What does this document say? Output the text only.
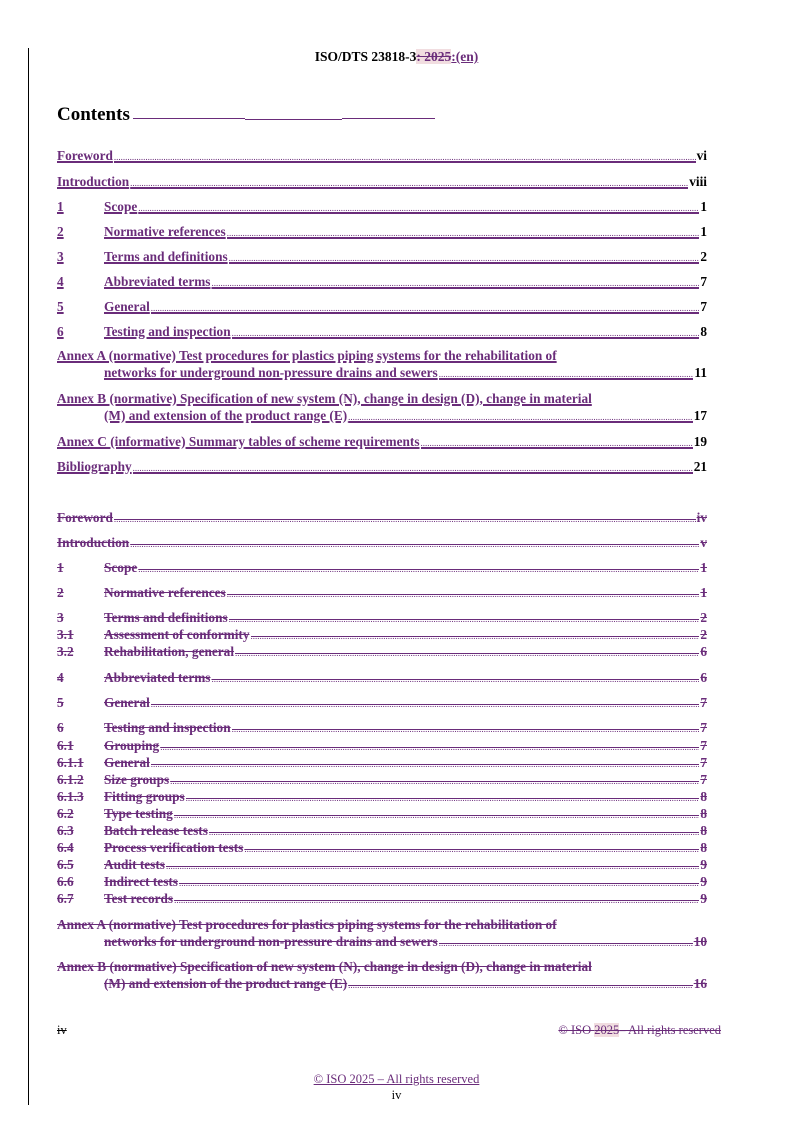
ISO/DTS 23818-3: 2025:(en)
Contents
Foreword .....	vi
Introduction .....	viii
1	Scope .....	1
2	Normative references .....	1
3	Terms and definitions .....	2
4	Abbreviated terms .....	7
5	General .....	7
6	Testing and inspection .....	8
Annex A (normative) Test procedures for plastics piping systems for the rehabilitation of
networks for underground non-pressure drains and sewers .....	11
Annex B (normative) Specification of new system (N), change in design (D), change in material
(M) and extension of the product range (E) .....	17
Annex C (informative) Summary tables of scheme requirements .....	19
Bibliography .....	21
Foreword .....	iv
Introduction .....	v
1	Scope .....	1
2	Normative references .....	1
3	Terms and definitions .....	2
3.1	Assessment of conformity .....	2
3.2	Rehabilitation, general .....	6
4	Abbreviated terms .....	6
5	General .....	7
6	Testing and inspection .....	7
6.1	Grouping .....	7
6.1.1	General .....	7
6.1.2	Size groups .....	7
6.1.3	Fitting groups .....	8
6.2	Type testing .....	8
6.3	Batch release tests .....	8
6.4	Process verification tests .....	8
6.5	Audit tests .....	9
6.6	Indirect tests .....	9
6.7	Test records .....	9
Annex A (normative) Test procedures for plastics piping systems for the rehabilitation of
networks for underground non-pressure drains and sewers .....	10
Annex B (normative) Specification of new system (N), change in design (D), change in material
(M) and extension of the product range (E) .....	16
iv	© ISO 2025– All rights reserved
© ISO 2025 – All rights reserved
iv
